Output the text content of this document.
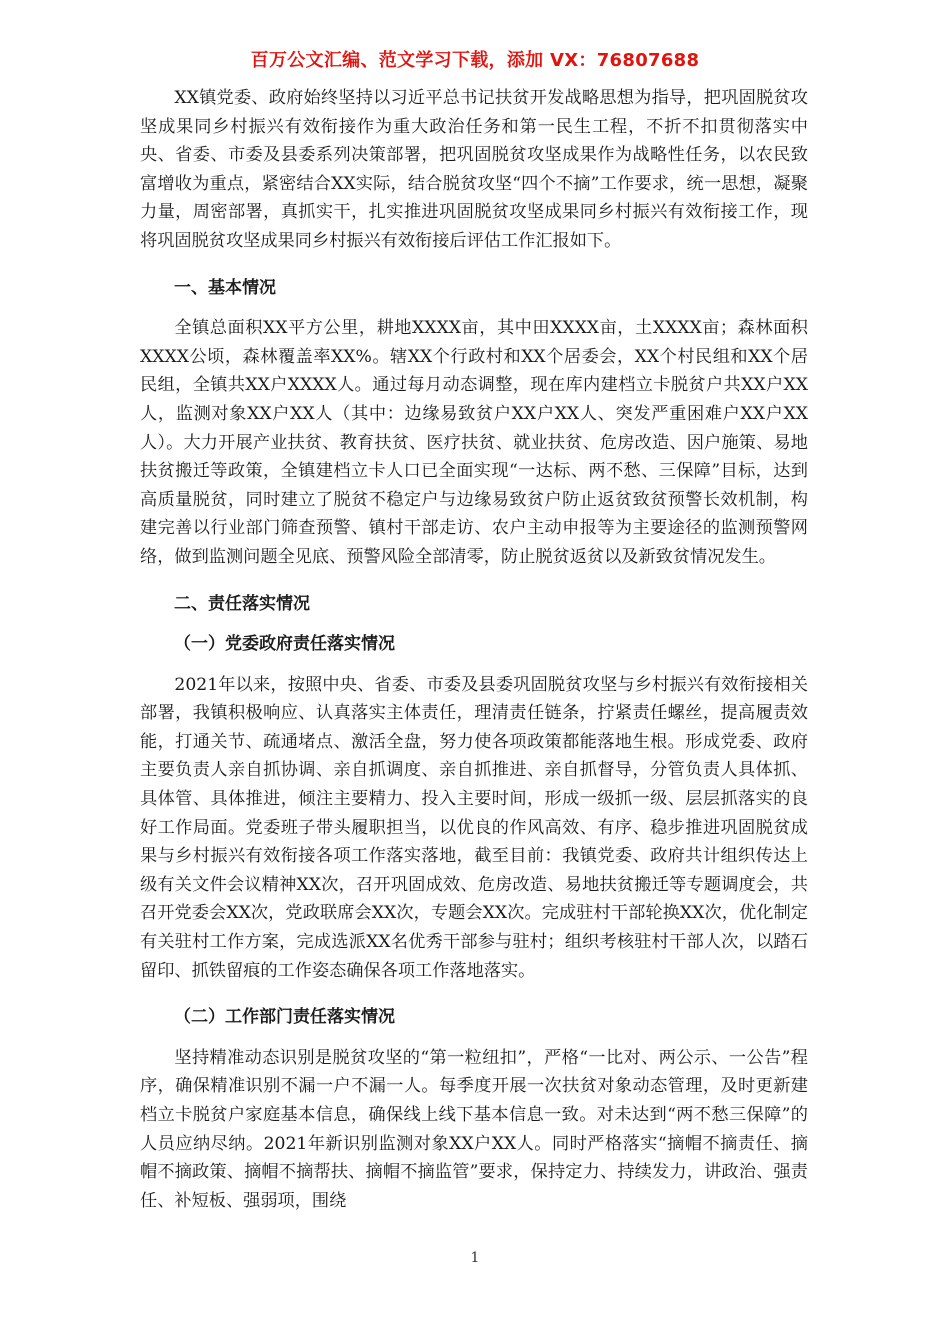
百万公文汇编、范文学习下载，添加 VX：76807688

XX镇党委、政府始终坚持以习近平总书记扶贫开发战略思想为指导，把巩固脱贫攻坚成果同乡村振兴有效衔接作为重大政治任务和第一民生工程，不折不扣贯彻落实中央、省委、市委及县委系列决策部署，把巩固脱贫攻坚成果作为战略性任务，以农民致富增收为重点，紧密结合XX实际，结合脱贫攻坚“四个不摘”工作要求，统一思想，凝聚力量，周密部署，真抓实干，扎实推进巩固脱贫攻坚成果同乡村振兴有效衔接工作，现将巩固脱贫攻坚成果同乡村振兴有效衔接后评估工作汇报如下。

一、基本情况

全镇总面积XX平方公里，耕地XXXX亩，其中田XXXX亩，土XXXX亩；森林面积XXXX公顷，森林覆盖率XX%。辖XX个行政村和XX个居委会，XX个村民组和XX个居民组，全镇共XX户XXXX人。通过每月动态调整，现在库内建档立卡脱贫户共XX户XX人，监测对象XX户XX人（其中：边缘易致贫户XX户XX人、突发严重困难户XX户XX人）。大力开展产业扶贫、教育扶贫、医疗扶贫、就业扶贫、危房改造、因户施策、易地扶贫搬迁等政策，全镇建档立卡人口已全面实现“一达标、两不愁、三保障”目标，达到高质量脱贫，同时建立了脱贫不稳定户与边缘易致贫户防止返贫致贫预警长效机制，构建完善以行业部门筛查预警、镇村干部走访、农户主动申报等为主要途径的监测预警网络，做到监测问题全见底、预警风险全部清零，防止脱贫返贫以及新致贫情况发生。

二、责任落实情况
（一）党委政府责任落实情况

2021年以来，按照中央、省委、市委及县委巩固脱贫攻坚与乡村振兴有效衔接相关部署，我镇积极响应、认真落实主体责任，理清责任链条，拧紧责任螺丝，提高履责效能，打通关节、疏通堵点、激活全盘，努力使各项政策都能落地生根。形成党委、政府主要负责人亲自抓协调、亲自抓调度、亲自抓推进、亲自抓督导，分管负责人具体抓、具体管、具体推进，倾注主要精力、投入主要时间，形成一级抓一级、层层抓落实的良好工作局面。党委班子带头履职担当，以优良的作风高效、有序、稳步推进巩固脱贫成果与乡村振兴有效衔接各项工作落实落地，截至目前：我镇党委、政府共计组织传达上级有关文件会议精神XX次，召开巩固成效、危房改造、易地扶贫搬迁等专题调度会，共召开党委会XX次，党政联席会XX次，专题会XX次。完成驻村干部轮换XX次，优化制定有关驻村工作方案，完成选派XX名优秀干部参与驻村；组织考核驻村干部人次，以踏石留印、抓铁留痕的工作姿态确保各项工作落地落实。

（二）工作部门责任落实情况

坚持精准动态识别是脱贫攻坚的“第一粒纽扣”，严格“一比对、两公示、一公告”程序，确保精准识别不漏一户不漏一人。每季度开展一次扶贫对象动态管理，及时更新建档立卡脱贫户家庭基本信息，确保线上线下基本信息一致。对未达到“两不愁三保障”的人员应纳尽纳。2021年新识别监测对象XX户XX人。同时严格落实“摘帽不摘责任、摘帽不摘政策、摘帽不摘帮扶、摘帽不摘监管”要求，保持定力、持续发力，讲政治、强责任、补短板、强弱项，围绕

1
